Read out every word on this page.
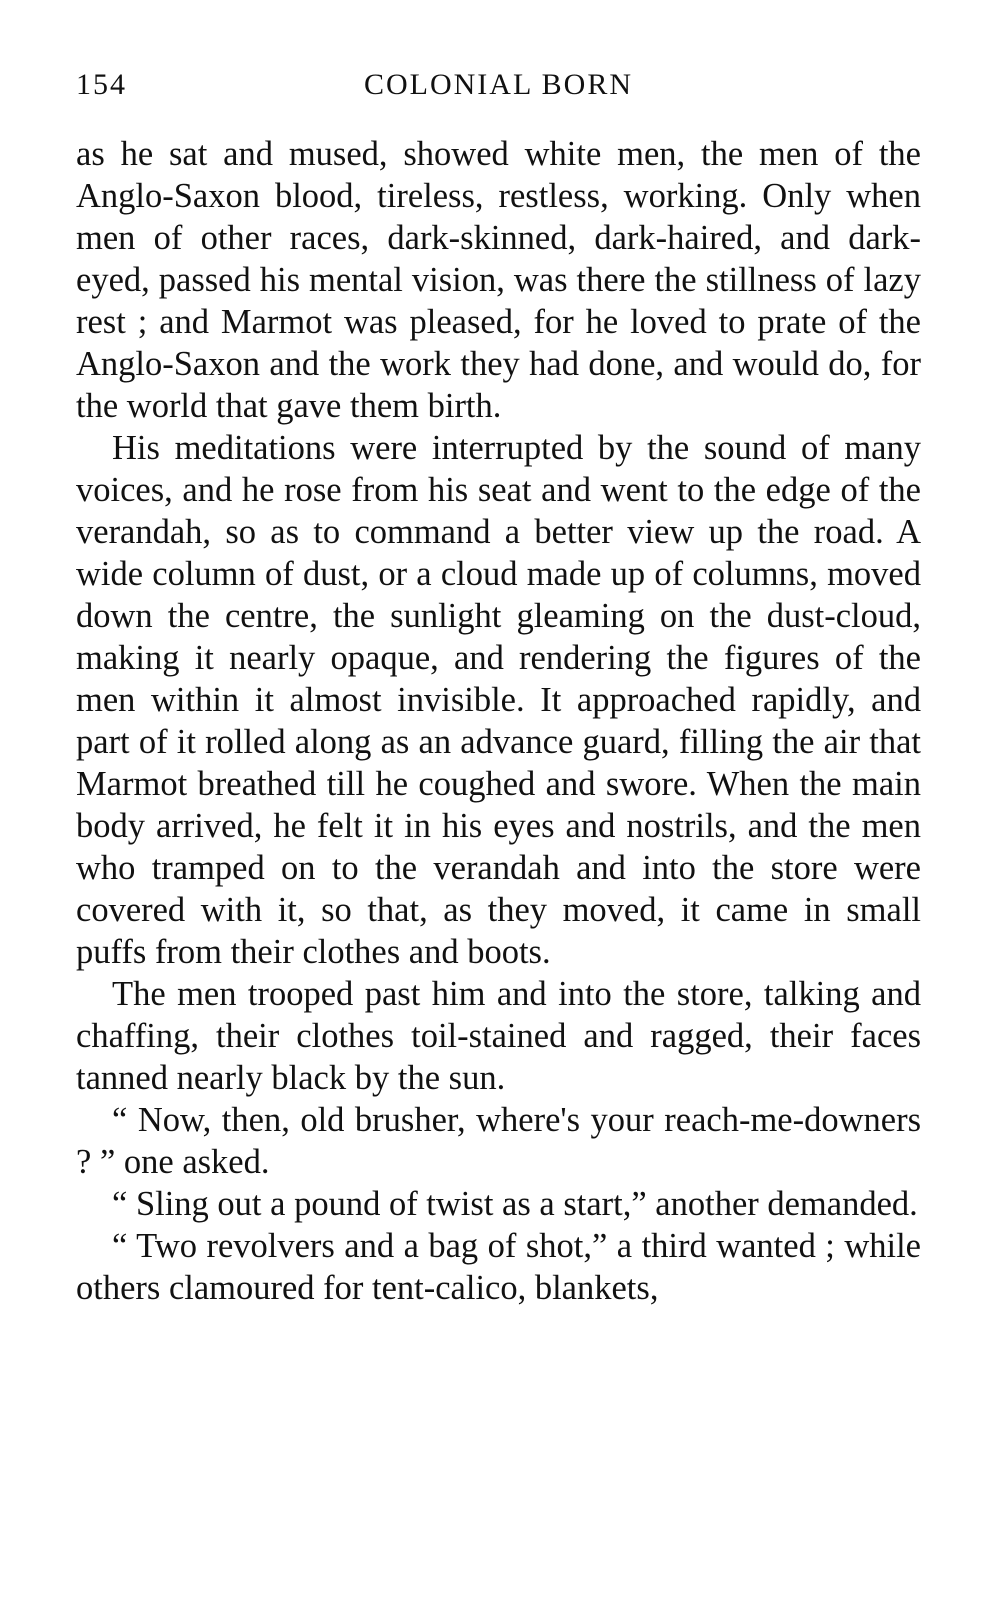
154	COLONIAL BORN

as he sat and mused, showed white men, the men of the Anglo-Saxon blood, tireless, restless, working. Only when men of other races, dark-skinned, dark-haired, and dark-eyed, passed his mental vision, was there the stillness of lazy rest ; and Marmot was pleased, for he loved to prate of the Anglo-Saxon and the work they had done, and would do, for the world that gave them birth.

His meditations were interrupted by the sound of many voices, and he rose from his seat and went to the edge of the verandah, so as to command a better view up the road. A wide column of dust, or a cloud made up of columns, moved down the centre, the sunlight gleaming on the dust-cloud, making it nearly opaque, and rendering the figures of the men within it almost invisible. It approached rapidly, and part of it rolled along as an advance guard, filling the air that Marmot breathed till he coughed and swore. When the main body arrived, he felt it in his eyes and nostrils, and the men who tramped on to the verandah and into the store were covered with it, so that, as they moved, it came in small puffs from their clothes and boots.

The men trooped past him and into the store, talking and chaffing, their clothes toil-stained and ragged, their faces tanned nearly black by the sun.

“ Now, then, old brusher, where's your reach-me-downers ? ” one asked.

“ Sling out a pound of twist as a start,” another demanded.

“ Two revolvers and a bag of shot,” a third wanted ; while others clamoured for tent-calico, blankets,
